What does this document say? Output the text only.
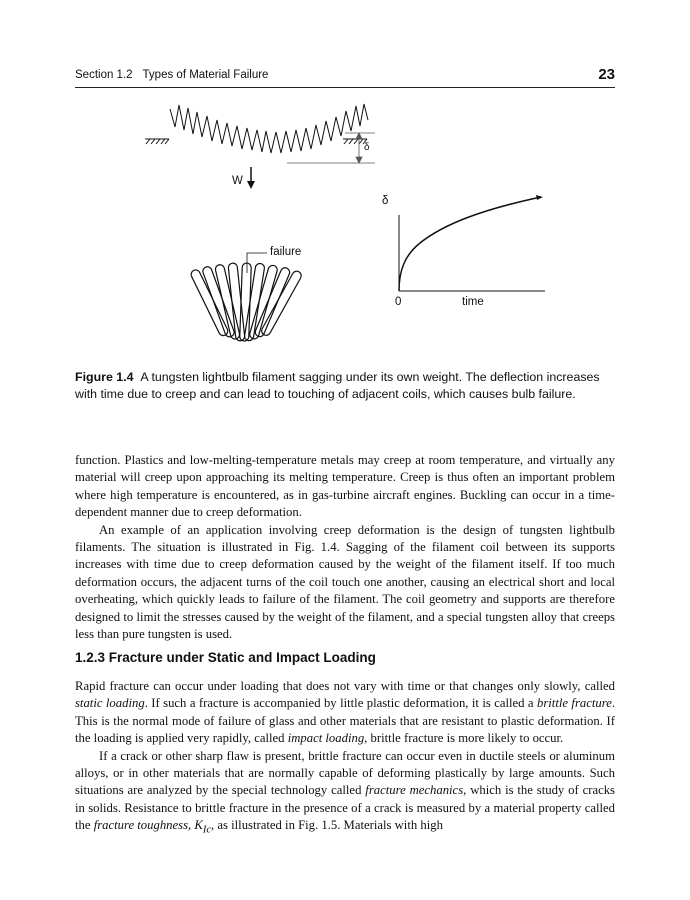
Section 1.2 Types of Material Failure	23
W
δ
failure
δ
0	time
Figure 1.4 A tungsten lightbulb filament sagging under its own weight. The deflection increases with time due to creep and can lead to touching of adjacent coils, which causes bulb failure.

function. Plastics and low-melting-temperature metals may creep at room temperature, and virtually any material will creep upon approaching its melting temperature. Creep is thus often an important problem where high temperature is encountered, as in gas-turbine aircraft engines. Buckling can occur in a time-dependent manner due to creep deformation.

An example of an application involving creep deformation is the design of tungsten lightbulb filaments. The situation is illustrated in Fig. 1.4. Sagging of the filament coil between its supports increases with time due to creep deformation caused by the weight of the filament itself. If too much deformation occurs, the adjacent turns of the coil touch one another, causing an electrical short and local overheating, which quickly leads to failure of the filament. The coil geometry and supports are therefore designed to limit the stresses caused by the weight of the filament, and a special tungsten alloy that creeps less than pure tungsten is used.

1.2.3 Fracture under Static and Impact Loading

Rapid fracture can occur under loading that does not vary with time or that changes only slowly, called static loading. If such a fracture is accompanied by little plastic deformation, it is called a brittle fracture. This is the normal mode of failure of glass and other materials that are resistant to plastic deformation. If the loading is applied very rapidly, called impact loading, brittle fracture is more likely to occur.

If a crack or other sharp flaw is present, brittle fracture can occur even in ductile steels or aluminum alloys, or in other materials that are normally capable of deforming plastically by large amounts. Such situations are analyzed by the special technology called fracture mechanics, which is the study of cracks in solids. Resistance to brittle fracture in the presence of a crack is measured by a material property called the fracture toughness, $K_{Ic}$, as illustrated in Fig. 1.5. Materials with high
